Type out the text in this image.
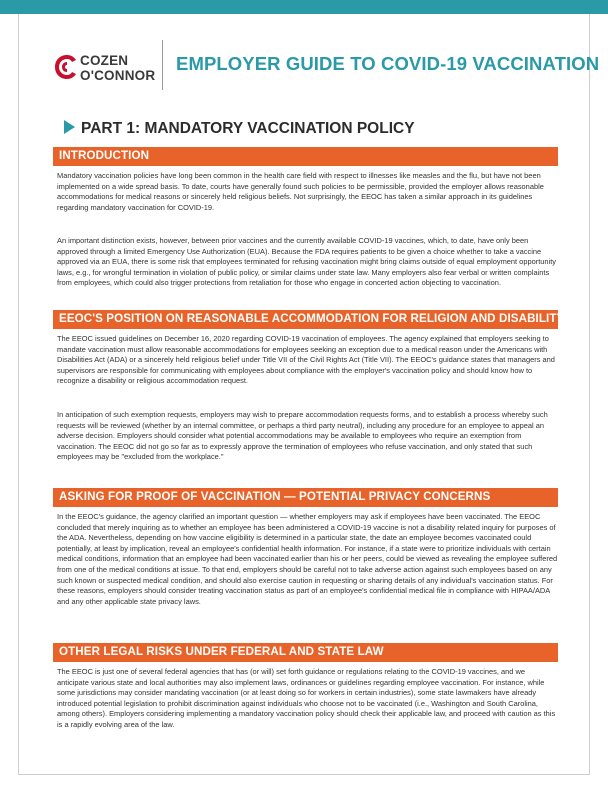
COZEN
O'CONNOR
EMPLOYER GUIDE TO COVID-19 VACCINATION
PART 1: MANDATORY VACCINATION POLICY
INTRODUCTION

Mandatory vaccination policies have long been common in the health care field with respect to illnesses like measles and the flu, but have not been implemented on a wide spread basis. To date, courts have generally found such policies to be permissible, provided the employer allows reasonable accommodations for medical reasons or sincerely held religious beliefs. Not surprisingly, the EEOC has taken a similar approach in its guidelines regarding mandatory vaccination for COVID-19.

An important distinction exists, however, between prior vaccines and the currently available COVID-19 vaccines, which, to date, have only been approved through a limited Emergency Use Authorization (EUA). Because the FDA requires patients to be given a choice whether to take a vaccine approved via an EUA, there is some risk that employees terminated for refusing vaccination might bring claims outside of equal employment opportunity laws, e.g., for wrongful termination in violation of public policy, or similar claims under state law. Many employers also fear verbal or written complaints from employees, which could also trigger protections from retaliation for those who engage in concerted action objecting to vaccination.

EEOC'S POSITION ON REASONABLE ACCOMMODATION FOR RELIGION AND DISABILITY

The EEOC issued guidelines on December 16, 2020 regarding COVID-19 vaccination of employees. The agency explained that employers seeking to mandate vaccination must allow reasonable accommodations for employees seeking an exception due to a medical reason under the Americans with Disabilities Act (ADA) or a sincerely held religious belief under Title VII of the Civil Rights Act (Title VII). The EEOC's guidance states that managers and supervisors are responsible for communicating with employees about compliance with the employer's vaccination policy and should know how to recognize a disability or religious accommodation request.

In anticipation of such exemption requests, employers may wish to prepare accommodation requests forms, and to establish a process whereby such requests will be reviewed (whether by an internal committee, or perhaps a third party neutral), including any procedure for an employee to appeal an adverse decision. Employers should consider what potential accommodations may be available to employees who require an exemption from vaccination. The EEOC did not go so far as to expressly approve the termination of employees who refuse vaccination, and only stated that such employees may be "excluded from the workplace."

ASKING FOR PROOF OF VACCINATION — POTENTIAL PRIVACY CONCERNS

In the EEOC's guidance, the agency clarified an important question — whether employers may ask if employees have been vaccinated. The EEOC concluded that merely inquiring as to whether an employee has been administered a COVID-19 vaccine is not a disability related inquiry for purposes of the ADA. Nevertheless, depending on how vaccine eligibility is determined in a particular state, the date an employee becomes vaccinated could potentially, at least by implication, reveal an employee's confidential health information. For instance, if a state were to prioritize individuals with certain medical conditions, information that an employee had been vaccinated earlier than his or her peers, could be viewed as revealing the employee suffered from one of the medical conditions at issue. To that end, employers should be careful not to take adverse action against such employees based on any such known or suspected medical condition, and should also exercise caution in requesting or sharing details of any individual's vaccination status. For these reasons, employers should consider treating vaccination status as part of an employee's confidential medical file in compliance with HIPAA/ADA and any other applicable state privacy laws.

OTHER LEGAL RISKS UNDER FEDERAL AND STATE LAW

The EEOC is just one of several federal agencies that has (or will) set forth guidance or regulations relating to the COVID-19 vaccines, and we anticipate various state and local authorities may also implement laws, ordinances or guidelines regarding employee vaccination. For instance, while some jurisdictions may consider mandating vaccination (or at least doing so for workers in certain industries), some state lawmakers have already introduced potential legislation to prohibit discrimination against individuals who choose not to be vaccinated (i.e., Washington and South Carolina, among others). Employers considering implementing a mandatory vaccination policy should check their applicable law, and proceed with caution as this is a rapidly evolving area of the law.
